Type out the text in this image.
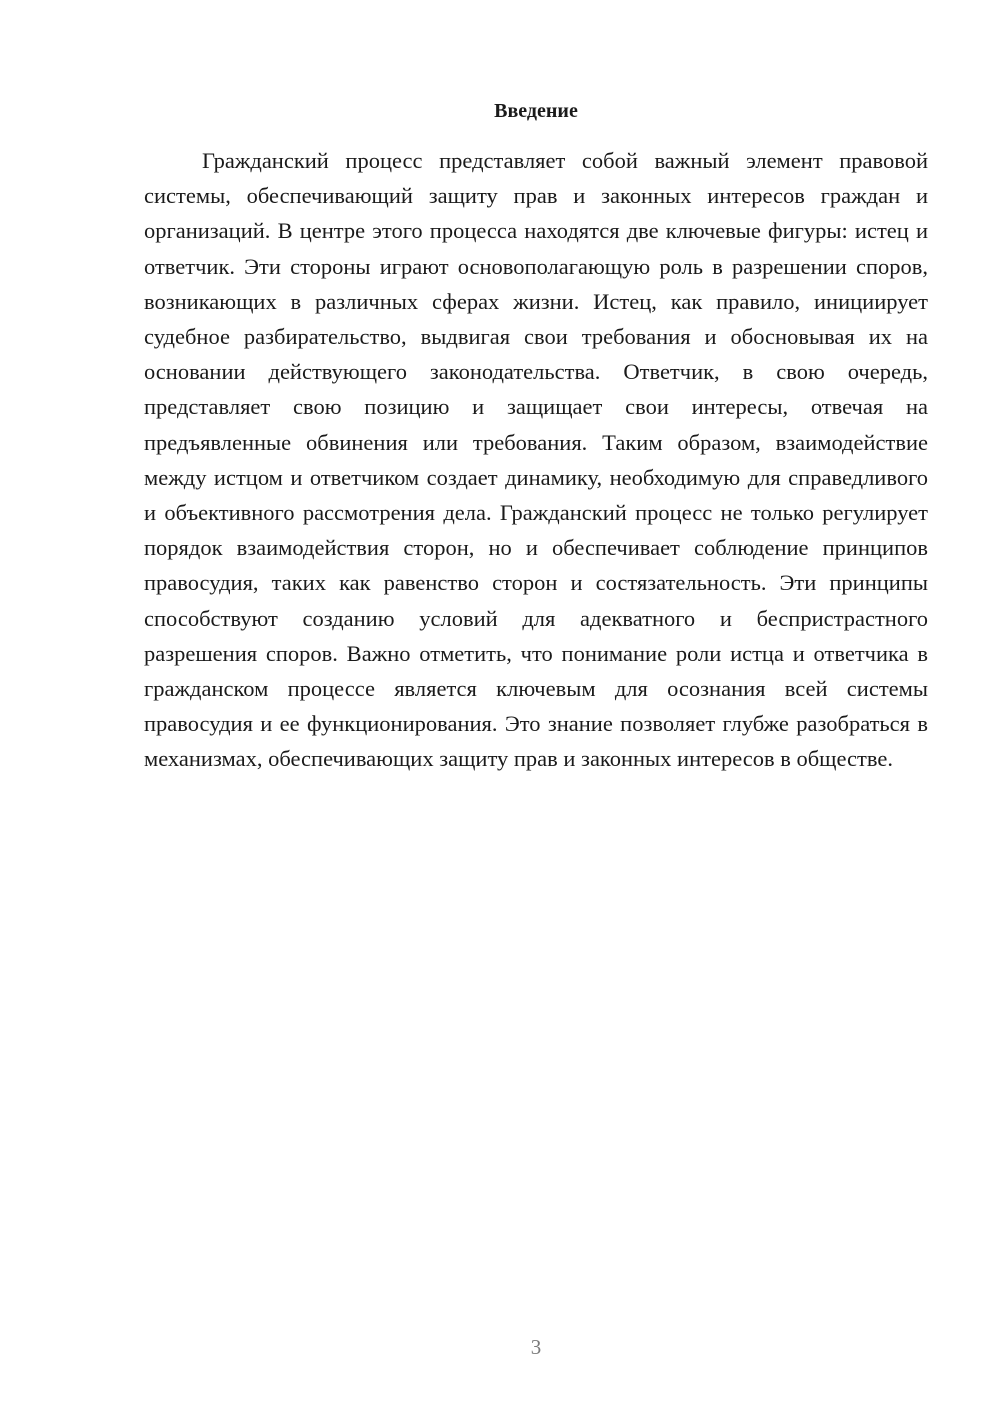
Введение

Гражданский процесс представляет собой важный элемент правовой системы, обеспечивающий защиту прав и законных интересов граждан и организаций. В центре этого процесса находятся две ключевые фигуры: истец и ответчик. Эти стороны играют основополагающую роль в разрешении споров, возникающих в различных сферах жизни. Истец, как правило, инициирует судебное разбирательство, выдвигая свои требования и обосновывая их на основании действующего законодательства. Ответчик, в свою очередь, представляет свою позицию и защищает свои интересы, отвечая на предъявленные обвинения или требования. Таким образом, взаимодействие между истцом и ответчиком создает динамику, необходимую для справедливого и объективного рассмотрения дела. Гражданский процесс не только регулирует порядок взаимодействия сторон, но и обеспечивает соблюдение принципов правосудия, таких как равенство сторон и состязательность. Эти принципы способствуют созданию условий для адекватного и беспристрастного разрешения споров. Важно отметить, что понимание роли истца и ответчика в гражданском процессе является ключевым для осознания всей системы правосудия и ее функционирования. Это знание позволяет глубже разобраться в механизмах, обеспечивающих защиту прав и законных интересов в обществе.

3
